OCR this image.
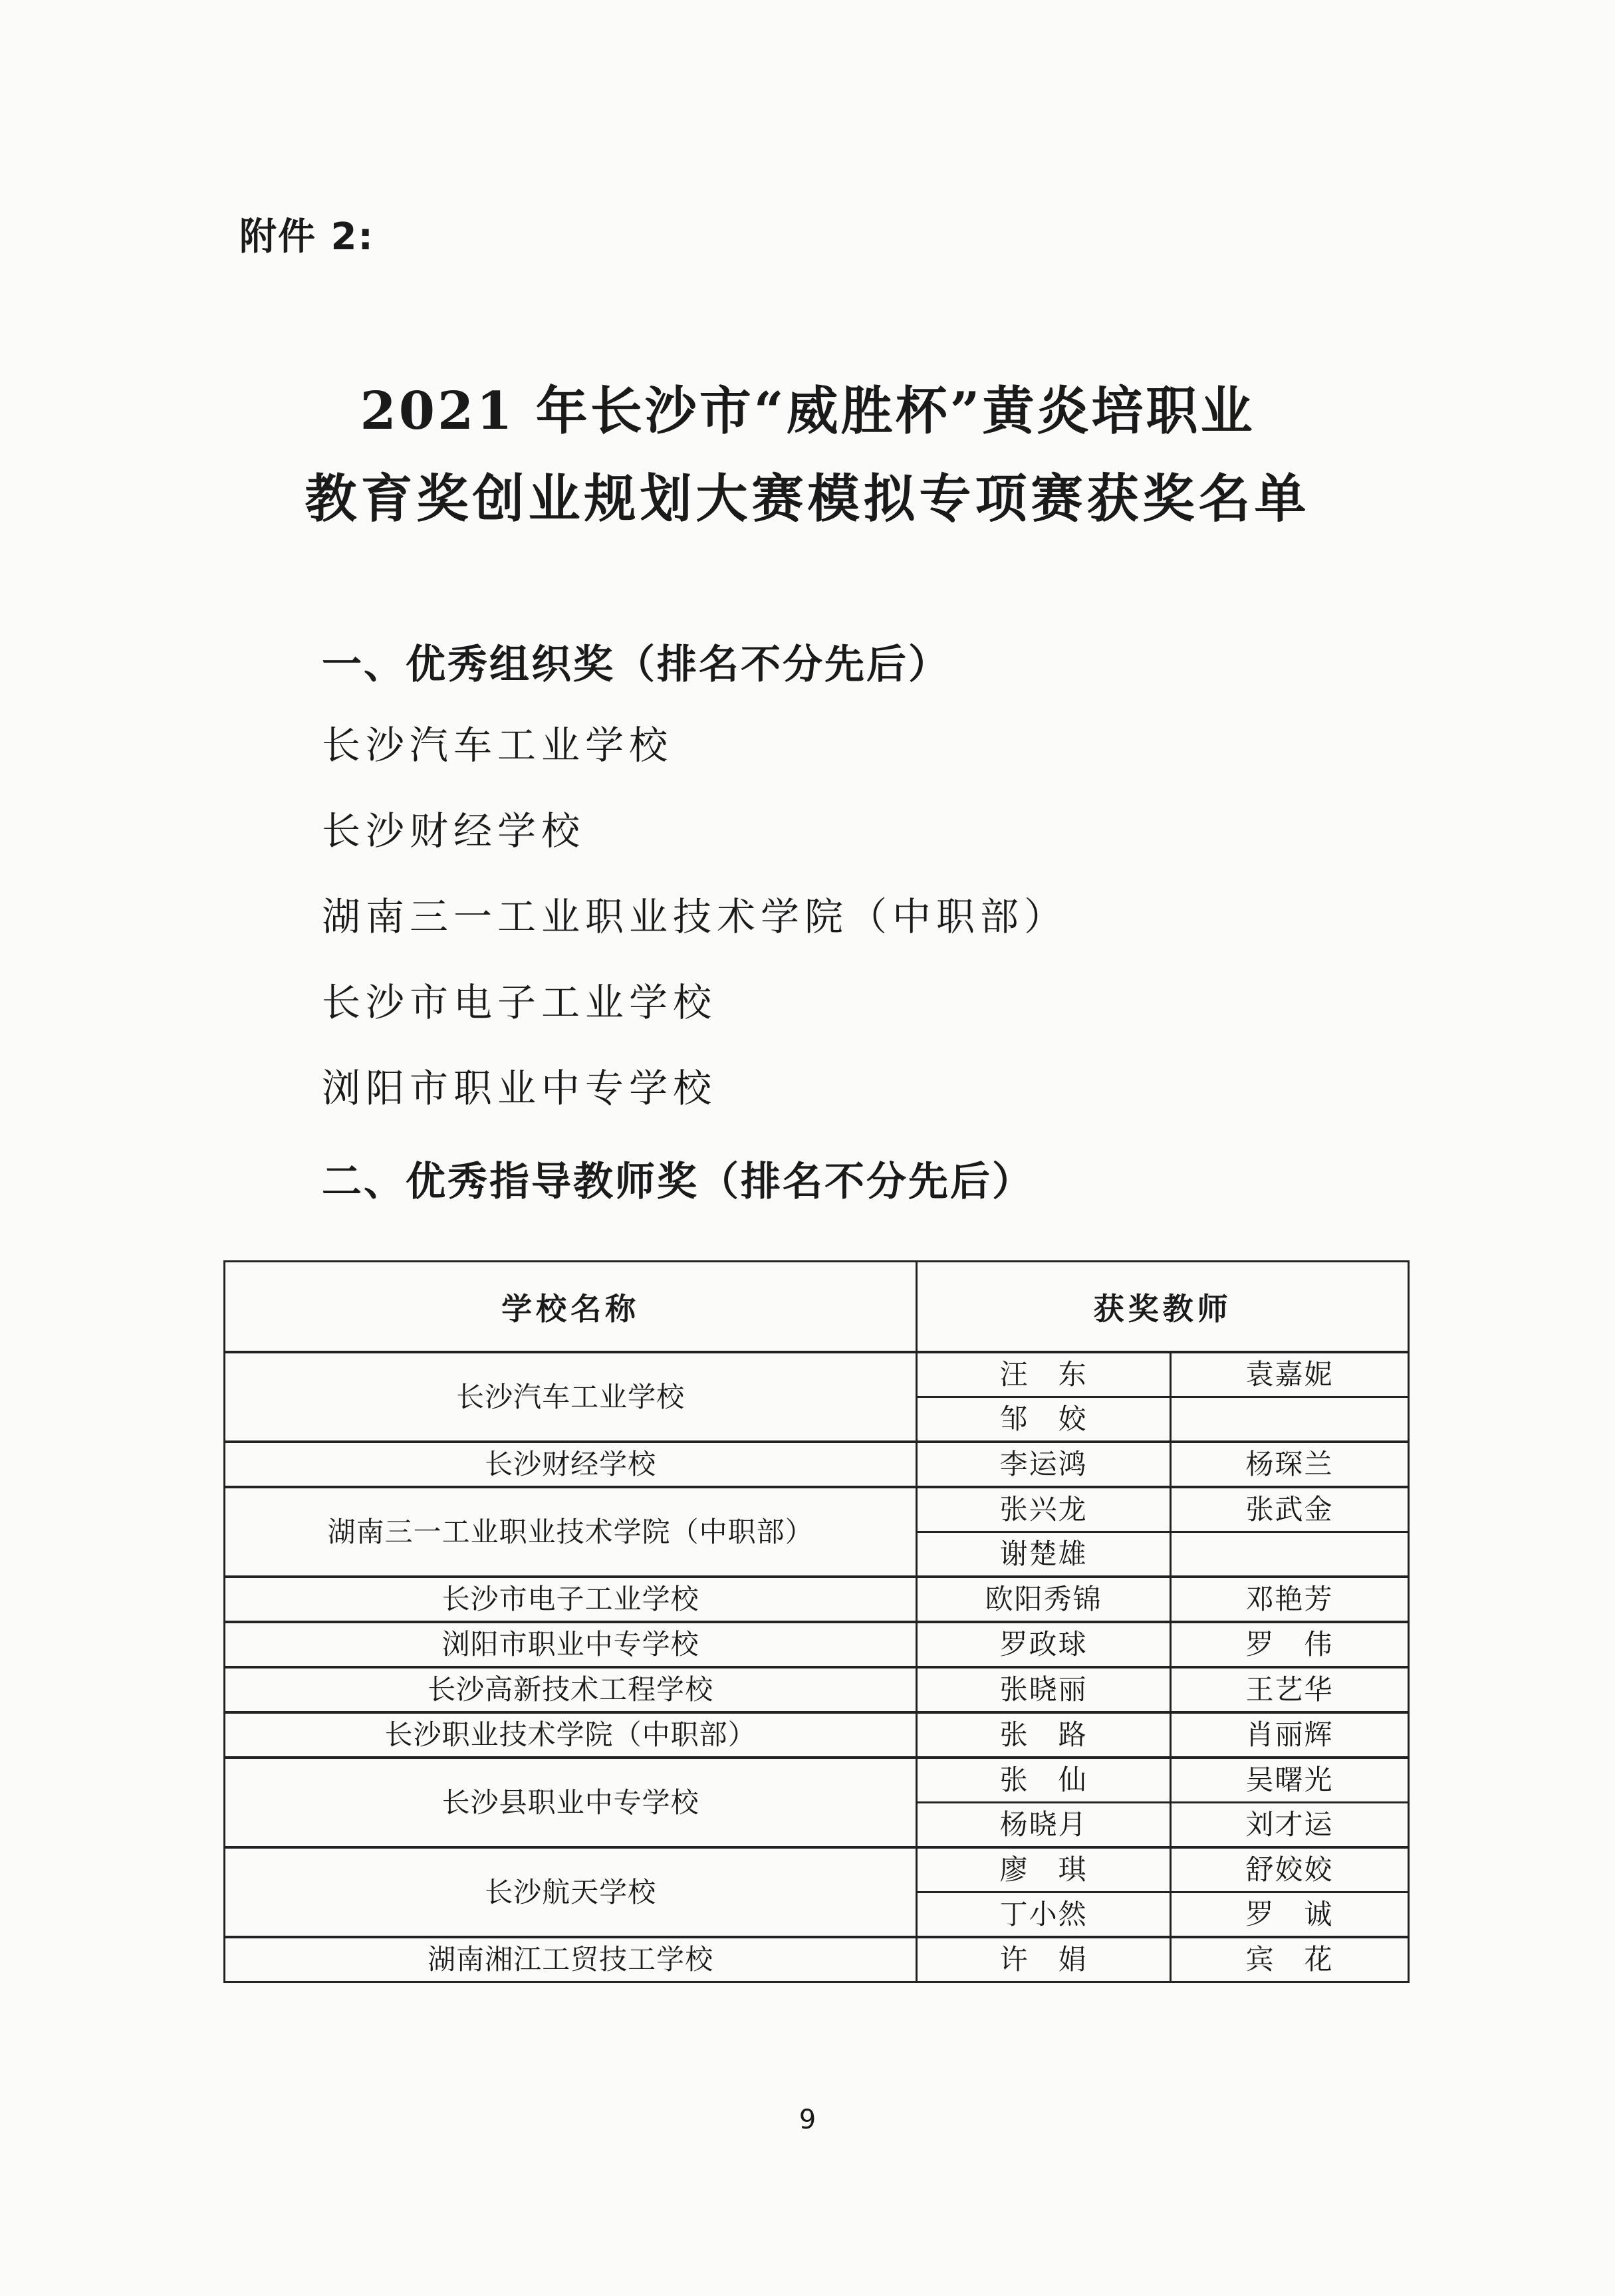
附件 2:
2021 年长沙市“威胜杯”黄炎培职业
教育奖创业规划大赛模拟专项赛获奖名单
一、优秀组织奖（排名不分先后）
长沙汽车工业学校
长沙财经学校
湖南三一工业职业技术学院（中职部）
长沙市电子工业学校
浏阳市职业中专学校
二、优秀指导教师奖（排名不分先后）
学校名称	获奖教师	
长沙汽车工业学校	汪　东	袁嘉妮
	邹　姣	
长沙财经学校	李运鸿	杨琛兰
湖南三一工业职业技术学院（中职部）	张兴龙	张武金
	谢楚雄	
长沙市电子工业学校	欧阳秀锦	邓艳芳
浏阳市职业中专学校	罗政球	罗　伟
长沙高新技术工程学校	张晓丽	王艺华
长沙职业技术学院（中职部）	张　路	肖丽辉
长沙县职业中专学校	张　仙	吴曙光
	杨晓月	刘才运
长沙航天学校	廖　琪	舒姣姣
	丁小然	罗　诚
湖南湘江工贸技工学校	许　娟	宾　花
9
